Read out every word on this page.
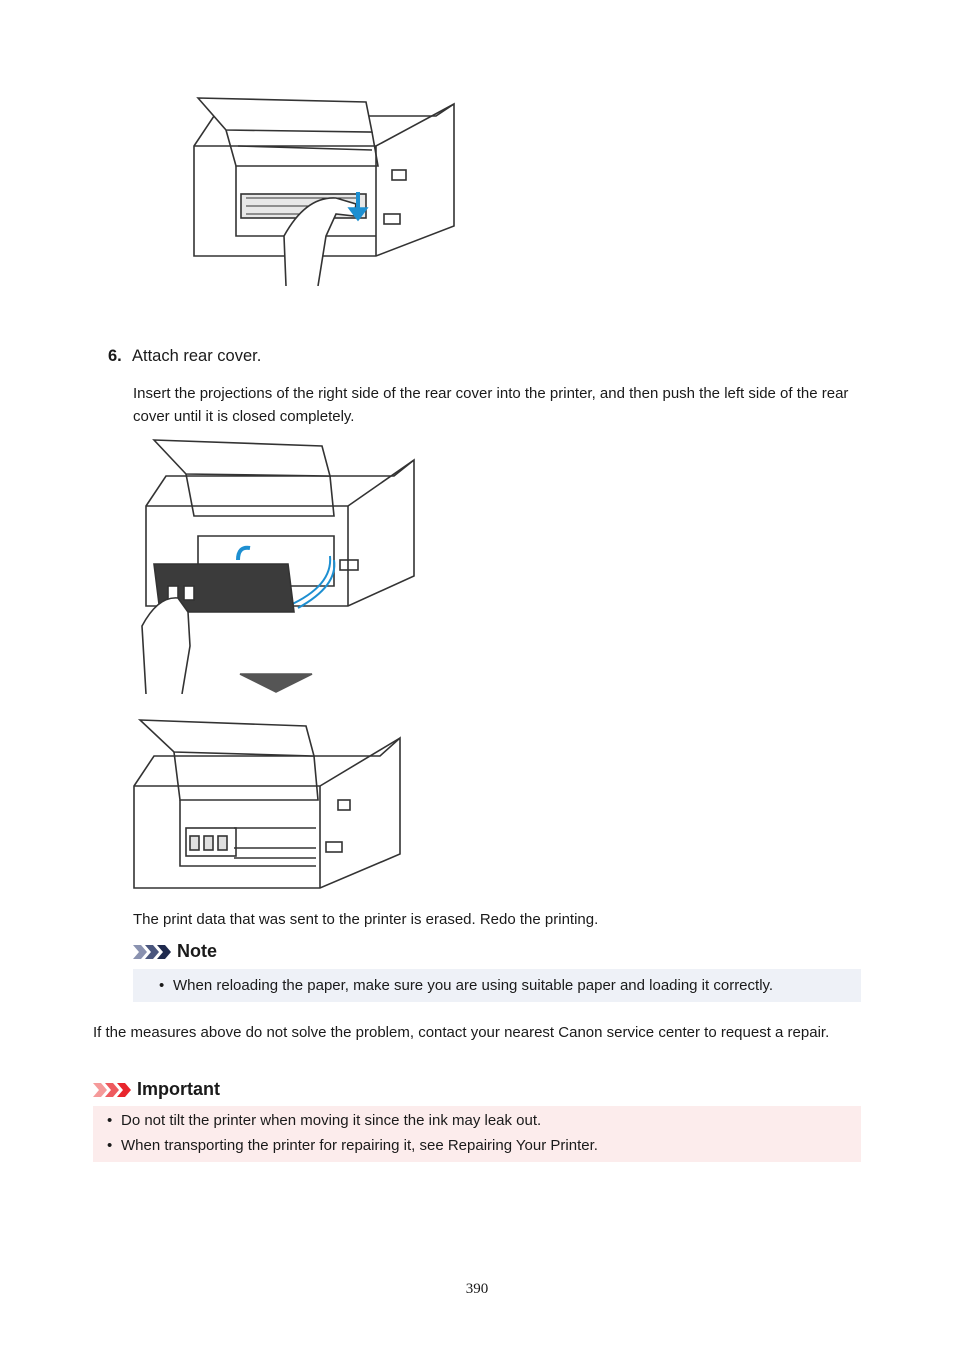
6. Attach rear cover.
Insert the projections of the right side of the rear cover into the printer, and then push the left side of the rear cover until it is closed completely.
The print data that was sent to the printer is erased. Redo the printing.
Note
• When reloading the paper, make sure you are using suitable paper and loading it correctly.
If the measures above do not solve the problem, contact your nearest Canon service center to request a repair.
Important
• Do not tilt the printer when moving it since the ink may leak out.
• When transporting the printer for repairing it, see Repairing Your Printer.
390
